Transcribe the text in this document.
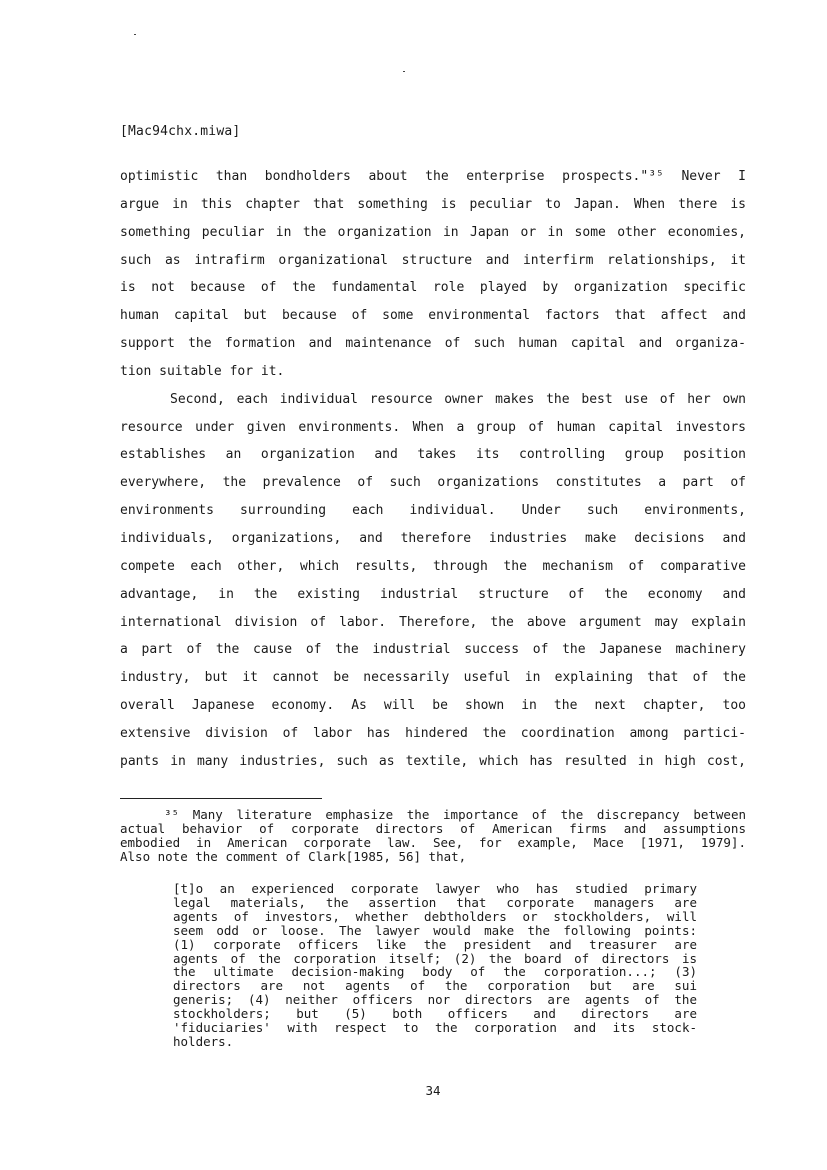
[Mac94chx.miwa]
optimistic than bondholders about the enterprise prospects."³⁵ Never I
argue in this chapter that something is peculiar to Japan. When there is
something peculiar in the organization in Japan or in some other economies,
such as intrafirm organizational structure and interfirm relationships, it
is not because of the fundamental role played by organization specific
human capital but because of some environmental factors that affect and
support the formation and maintenance of such human capital and organiza-
tion suitable for it.
Second, each individual resource owner makes the best use of her own
resource under given environments. When a group of human capital investors
establishes an organization and takes its controlling group position
everywhere, the prevalence of such organizations constitutes a part of
environments surrounding each individual. Under such environments,
individuals, organizations, and therefore industries make decisions and
compete each other, which results, through the mechanism of comparative
advantage, in the existing industrial structure of the economy and
international division of labor. Therefore, the above argument may explain
a part of the cause of the industrial success of the Japanese machinery
industry, but it cannot be necessarily useful in explaining that of the
overall Japanese economy. As will be shown in the next chapter, too
extensive division of labor has hindered the coordination among partici-
pants in many industries, such as textile, which has resulted in high cost,
³⁵ Many literature emphasize the importance of the discrepancy between
actual behavior of corporate directors of American firms and assumptions
embodied in American corporate law. See, for example, Mace [1971, 1979].
Also note the comment of Clark[1985, 56] that,
[t]o an experienced corporate lawyer who has studied primary
legal materials, the assertion that corporate managers are
agents of investors, whether debtholders or stockholders, will
seem odd or loose. The lawyer would make the following points:
(1) corporate officers like the president and treasurer are
agents of the corporation itself; (2) the board of directors is
the ultimate decision-making body of the corporation...; (3)
directors are not agents of the corporation but are sui
generis; (4) neither officers nor directors are agents of the
stockholders; but (5) both officers and directors are
'fiduciaries' with respect to the corporation and its stock-
holders.
34
